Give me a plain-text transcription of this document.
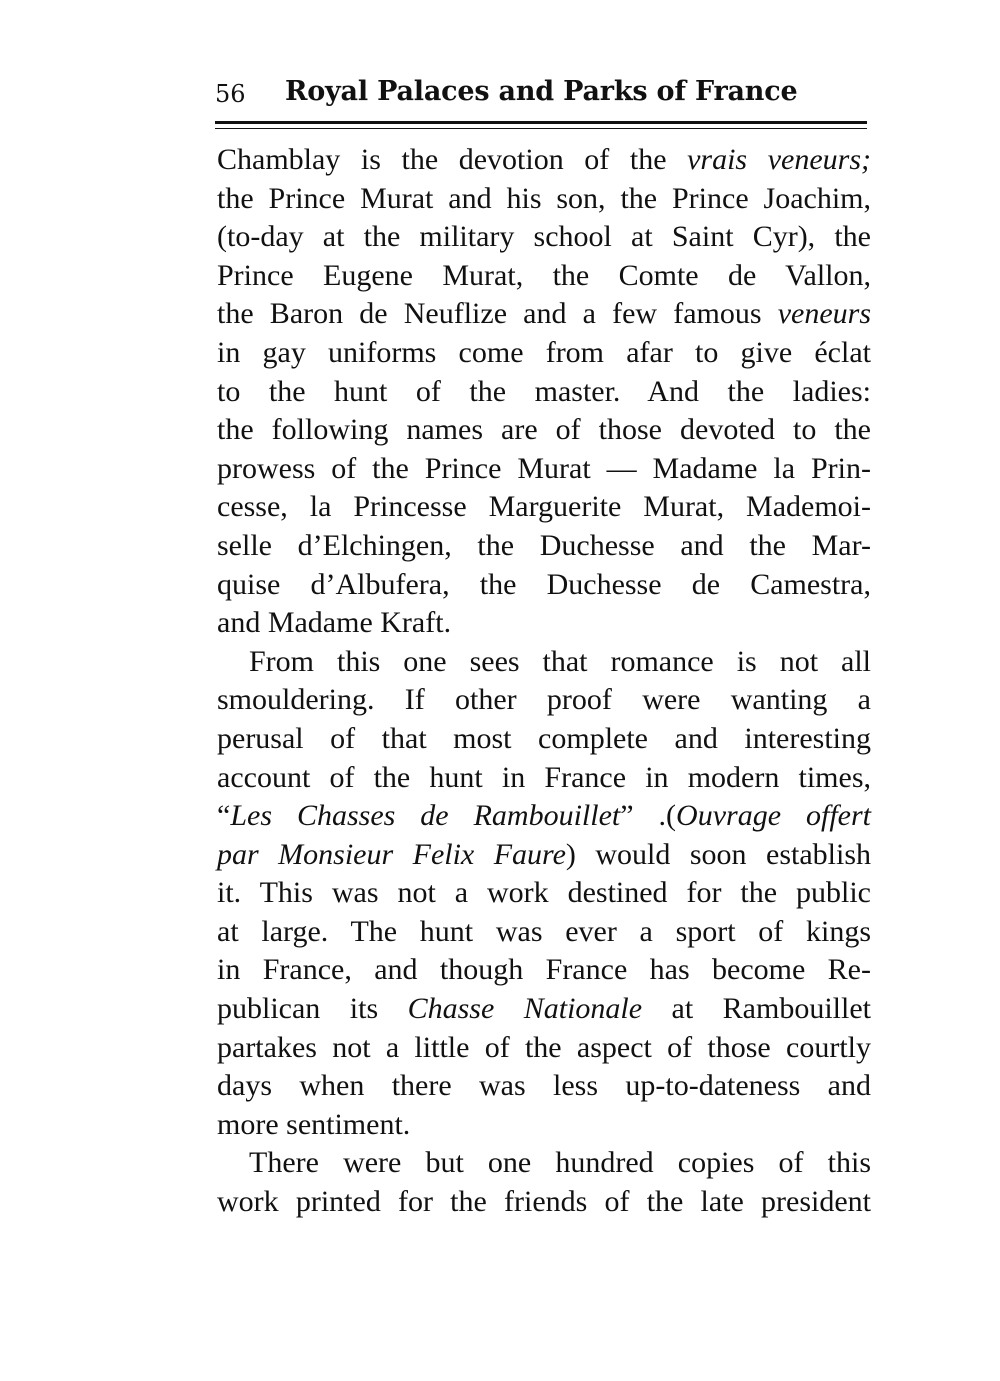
56 Royal Palaces and Parks of France
Chamblay is the devotion of the vrais veneurs;
the Prince Murat and his son, the Prince Joachim,
(to-day at the military school at Saint Cyr), the
Prince Eugene Murat, the Comte de Vallon,
the Baron de Neuflize and a few famous veneurs
in gay uniforms come from afar to give éclat
to the hunt of the master. And the ladies:
the following names are of those devoted to the
prowess of the Prince Murat — Madame la Prin-
cesse, la Princesse Marguerite Murat, Mademoi-
selle d’Elchingen, the Duchesse and the Mar-
quise d’Albufera, the Duchesse de Camestra,
and Madame Kraft.
From this one sees that romance is not all
smouldering. If other proof were wanting a
perusal of that most complete and interesting
account of the hunt in France in modern times,
“Les Chasses de Rambouillet” .(Ouvrage offert
par Monsieur Felix Faure) would soon establish
it. This was not a work destined for the public
at large. The hunt was ever a sport of kings
in France, and though France has become Re-
publican its Chasse Nationale at Rambouillet
partakes not a little of the aspect of those courtly
days when there was less up-to-dateness and
more sentiment.
There were but one hundred copies of this
work printed for the friends of the late president
